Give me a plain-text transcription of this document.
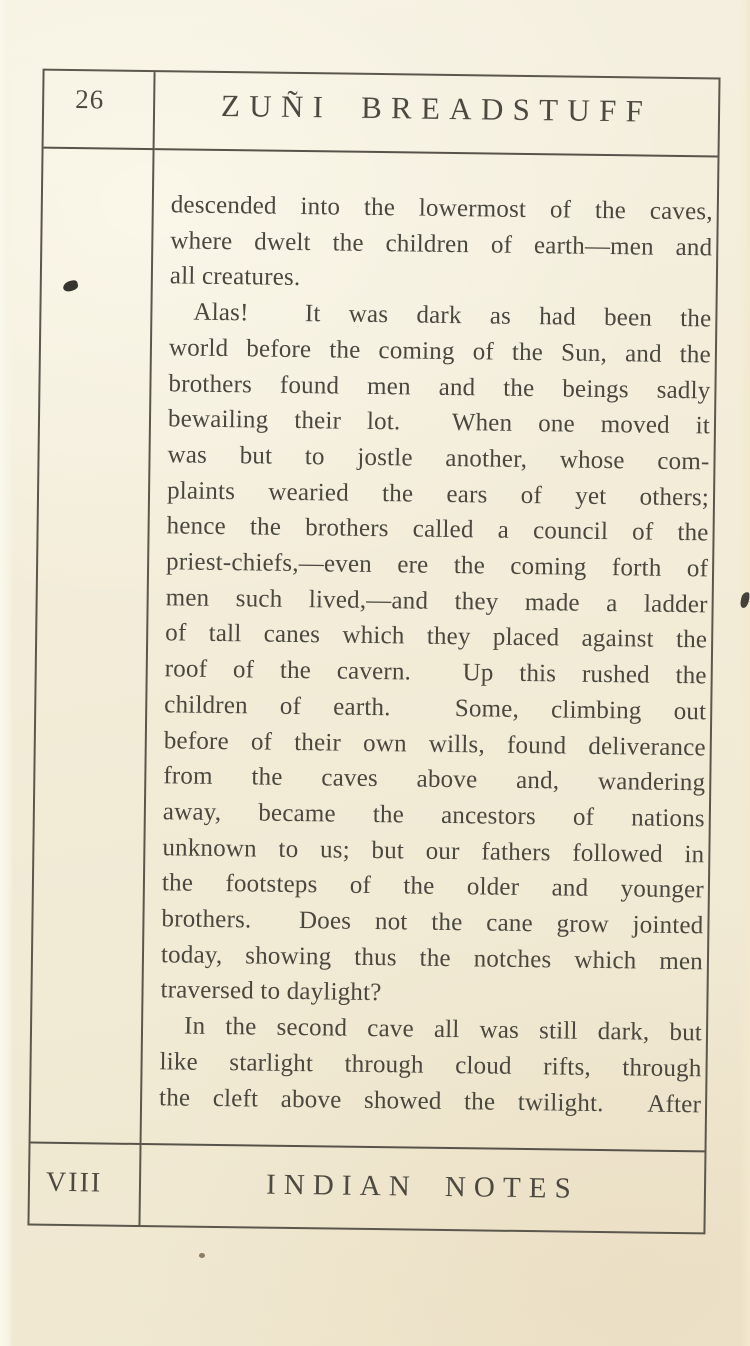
26	ZUÑI BREADSTUFF
descended into the lowermost of the caves,
where dwelt the children of earth—men and
all creatures.
Alas!  It was dark as had been the
world before the coming of the Sun, and the
brothers found men and the beings sadly
bewailing their lot.  When one moved it
was but to jostle another, whose com-
plaints wearied the ears of yet others;
hence the brothers called a council of the
priest-chiefs,—even ere the coming forth of
men such lived,—and they made a ladder
of tall canes which they placed against the
roof of the cavern.  Up this rushed the
children of earth.  Some, climbing out
before of their own wills, found deliverance
from the caves above and, wandering
away, became the ancestors of nations
unknown to us; but our fathers followed in
the footsteps of the older and younger
brothers.  Does not the cane grow jointed
today, showing thus the notches which men
traversed to daylight?
In the second cave all was still dark, but
like starlight through cloud rifts, through
the cleft above showed the twilight.  After
VIII	INDIAN NOTES
